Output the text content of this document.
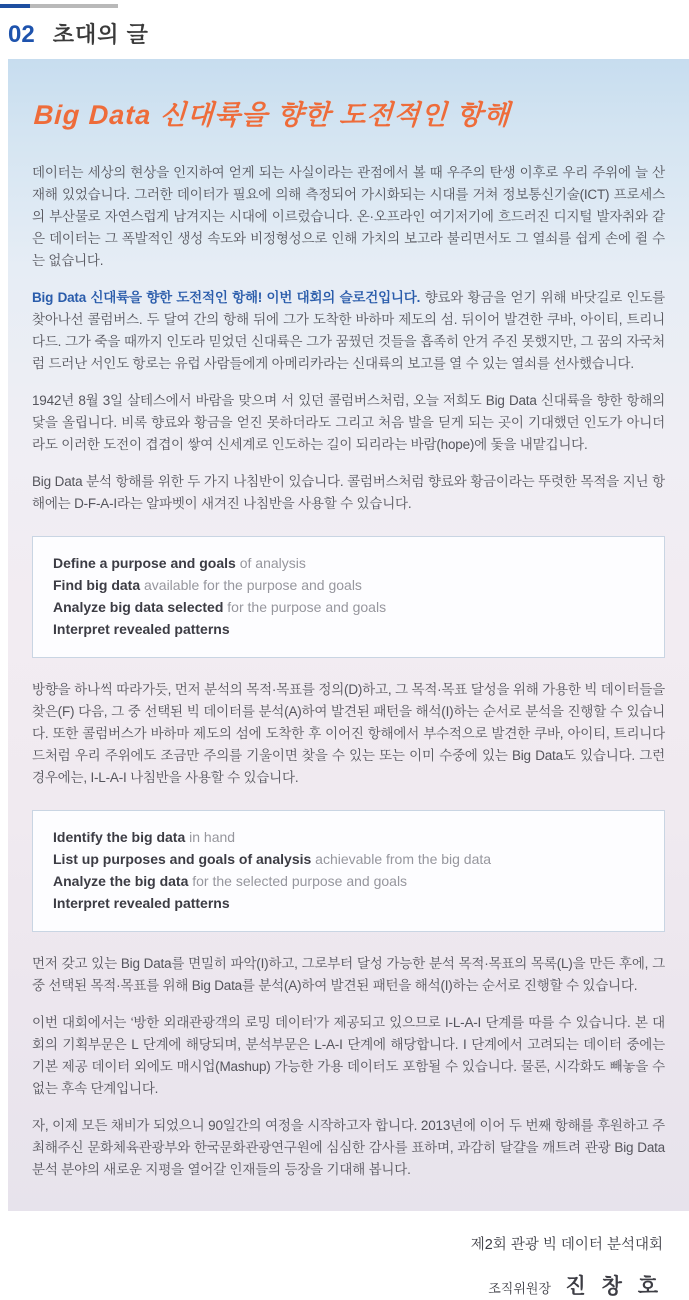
02 초대의 글
Big Data 신대륙을 향한 도전적인 항해

데이터는 세상의 현상을 인지하여 얻게 되는 사실이라는 관점에서 볼 때 우주의 탄생 이후로 우리 주위에 늘 산재해 있었습니다. 그러한 데이터가 필요에 의해 측정되어 가시화되는 시대를 거쳐 정보통신기술(ICT) 프로세스의 부산물로 자연스럽게 남겨지는 시대에 이르렀습니다. 온·오프라인 여기저기에 흐드러진 디지털 발자취와 같은 데이터는 그 폭발적인 생성 속도와 비정형성으로 인해 가치의 보고라 불리면서도 그 열쇠를 쉽게 손에 쥘 수는 없습니다.

Big Data 신대륙을 향한 도전적인 항해! 이번 대회의 슬로건입니다. 향료와 황금을 얻기 위해 바닷길로 인도를 찾아나선 콜럼버스. 두 달여 간의 항해 뒤에 그가 도착한 바하마 제도의 섬. 뒤이어 발견한 쿠바, 아이티, 트리니다드. 그가 죽을 때까지 인도라 믿었던 신대륙은 그가 꿈꿨던 것들을 흡족히 안겨 주진 못했지만, 그 꿈의 자국처럼 드러난 서인도 항로는 유럽 사람들에게 아메리카라는 신대륙의 보고를 열 수 있는 열쇠를 선사했습니다.

1942년 8월 3일 살테스에서 바람을 맞으며 서 있던 콜럼버스처럼, 오늘 저희도 Big Data 신대륙을 향한 항해의 닻을 올립니다. 비록 향료와 황금을 얻진 못하더라도 그리고 처음 발을 딛게 되는 곳이 기대했던 인도가 아니더라도 이러한 도전이 겹겹이 쌓여 신세계로 인도하는 길이 되리라는 바람(hope)에 돛을 내맡깁니다.

Big Data 분석 항해를 위한 두 가지 나침반이 있습니다. 콜럼버스처럼 향료와 황금이라는 뚜렷한 목적을 지닌 항해에는 D-F-A-I라는 알파벳이 새겨진 나침반을 사용할 수 있습니다.

Define a purpose and goals of analysis
Find big data available for the purpose and goals
Analyze big data selected for the purpose and goals
Interpret revealed patterns

방향을 하나씩 따라가듯, 먼저 분석의 목적·목표를 정의(D)하고, 그 목적·목표 달성을 위해 가용한 빅 데이터들을 찾은(F) 다음, 그 중 선택된 빅 데이터를 분석(A)하여 발견된 패턴을 해석(I)하는 순서로 분석을 진행할 수 있습니다. 또한 콜럼버스가 바하마 제도의 섬에 도착한 후 이어진 항해에서 부수적으로 발견한 쿠바, 아이티, 트리니다드처럼 우리 주위에도 조금만 주의를 기울이면 찾을 수 있는 또는 이미 수중에 있는 Big Data도 있습니다. 그런 경우에는, I-L-A-I 나침반을 사용할 수 있습니다.

Identify the big data in hand
List up purposes and goals of analysis achievable from the big data
Analyze the big data for the selected purpose and goals
Interpret revealed patterns

먼저 갖고 있는 Big Data를 면밀히 파악(I)하고, 그로부터 달성 가능한 분석 목적·목표의 목록(L)을 만든 후에, 그 중 선택된 목적·목표를 위해 Big Data를 분석(A)하여 발견된 패턴을 해석(I)하는 순서로 진행할 수 있습니다.

이번 대회에서는 ‘방한 외래관광객의 로밍 데이터’가 제공되고 있으므로 I-L-A-I 단계를 따를 수 있습니다. 본 대회의 기획부문은 L 단계에 해당되며, 분석부문은 L-A-I 단계에 해당합니다. I 단계에서 고려되는 데이터 중에는 기본 제공 데이터 외에도 매시업(Mashup) 가능한 가용 데이터도 포함될 수 있습니다. 물론, 시각화도 빼놓을 수 없는 후속 단계입니다.

자, 이제 모든 채비가 되었으니 90일간의 여정을 시작하고자 합니다. 2013년에 이어 두 번째 항해를 후원하고 주최해주신 문화체육관광부와 한국문화관광연구원에 심심한 감사를 표하며, 과감히 달걀을 깨트려 관광 Big Data 분석 분야의 새로운 지평을 열어갈 인재들의 등장을 기대해 봅니다.

제2회 관광 빅 데이터 분석대회
조직위원장 진 창 호
